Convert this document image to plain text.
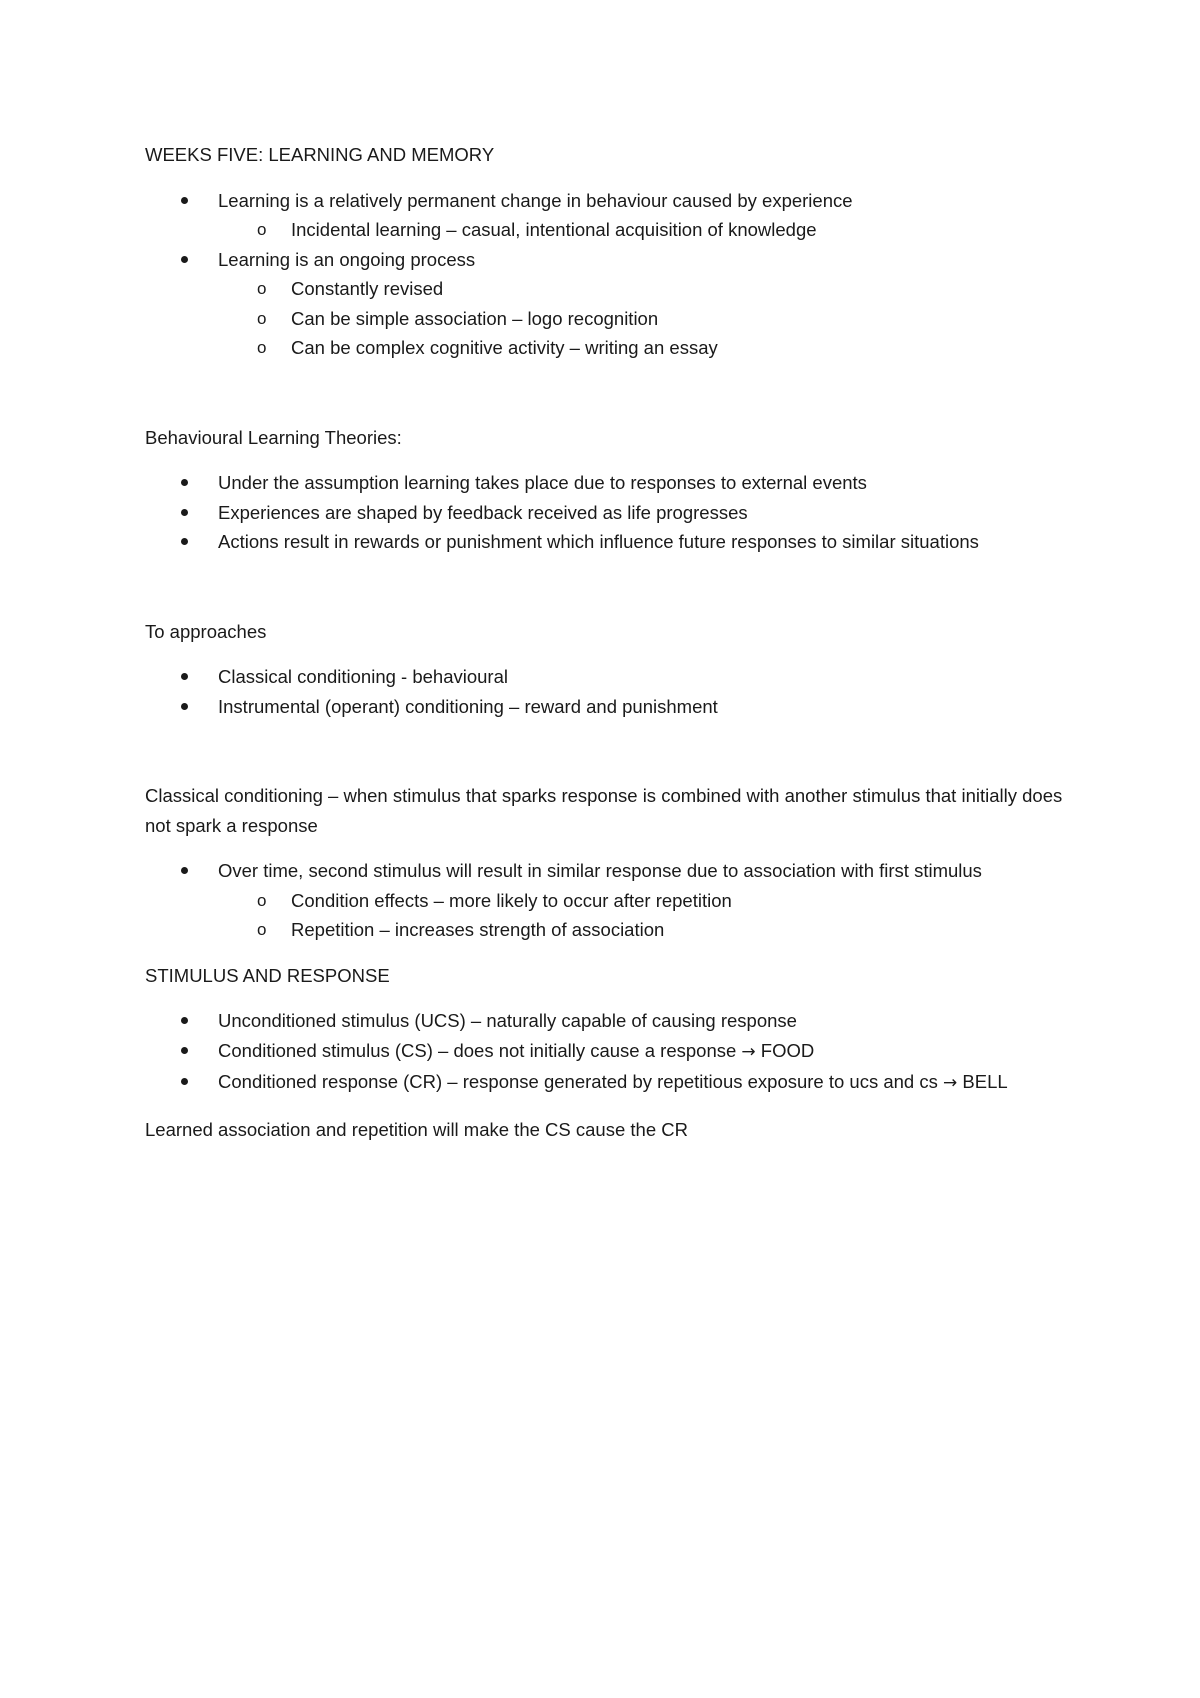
WEEKS FIVE: LEARNING AND MEMORY
Learning is a relatively permanent change in behaviour caused by experience
o Incidental learning – casual, intentional acquisition of knowledge
Learning is an ongoing process
o Constantly revised
o Can be simple association – logo recognition
o Can be complex cognitive activity – writing an essay
Behavioural Learning Theories:
Under the assumption learning takes place due to responses to external events
Experiences are shaped by feedback received as life progresses
Actions result in rewards or punishment which influence future responses to similar situations
To approaches
Classical conditioning - behavioural
Instrumental (operant) conditioning – reward and punishment
Classical conditioning – when stimulus that sparks response is combined with another stimulus that initially does not spark a response
Over time, second stimulus will result in similar response due to association with first stimulus
o Condition effects – more likely to occur after repetition
o Repetition – increases strength of association
STIMULUS AND RESPONSE
Unconditioned stimulus (UCS) – naturally capable of causing response
Conditioned stimulus (CS) – does not initially cause a response → FOOD
Conditioned response (CR) – response generated by repetitious exposure to ucs and cs → BELL
Learned association and repetition will make the CS cause the CR
